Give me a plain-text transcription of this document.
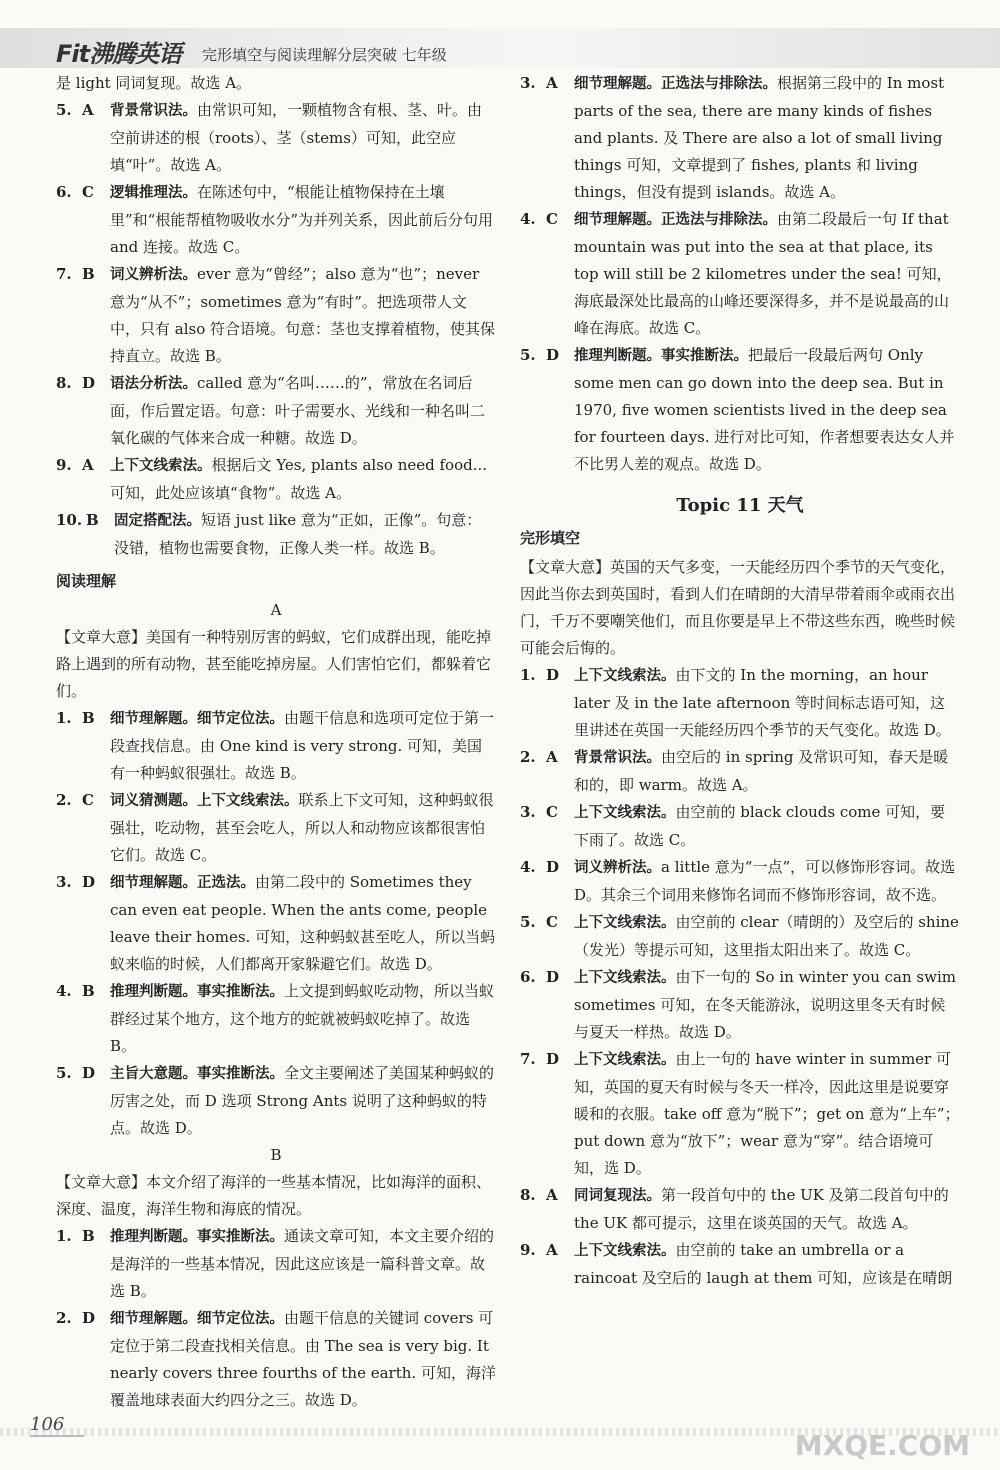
Fit沸腾英语 完形填空与阅读理解分层突破 七年级

是 light 同词复现。故选 A。

5. A	背景常识法。由常识可知，一颗植物含有根、茎、叶。由空前讲述的根（roots）、茎（stems）可知，此空应填“叶”。故选 A。
6. C	逻辑推理法。在陈述句中，“根能让植物保持在土壤里”和“根能帮植物吸收水分”为并列关系，因此前后分句用 and 连接。故选 C。
7. B	词义辨析法。ever 意为“曾经”；also 意为“也”；never 意为“从不”；sometimes 意为“有时”。把选项带人文中，只有 also 符合语境。句意：茎也支撑着植物，使其保持直立。故选 B。
8. D	语法分析法。called 意为“名叫……的”，常放在名词后面，作后置定语。句意：叶子需要水、光线和一种名叫二氧化碳的气体来合成一种糖。故选 D。
9. A	上下文线索法。根据后文 Yes, plants also need food... 可知，此处应该填“食物”。故选 A。
10. B	固定搭配法。短语 just like 意为“正如，正像”。句意：没错，植物也需要食物，正像人类一样。故选 B。
阅读理解

A

【文章大意】美国有一种特别厉害的蚂蚁，它们成群出现，能吃掉路上遇到的所有动物，甚至能吃掉房屋。人们害怕它们，都躲着它们。

1. B	细节理解题。细节定位法。由题干信息和选项可定位于第一段查找信息。由 One kind is very strong. 可知，美国有一种蚂蚁很强壮。故选 B。
2. C	词义猜测题。上下文线索法。联系上下文可知，这种蚂蚁很强壮，吃动物，甚至会吃人，所以人和动物应该都很害怕它们。故选 C。
3. D	细节理解题。正选法。由第二段中的 Sometimes they can even eat people. When the ants come, people leave their homes. 可知，这种蚂蚁甚至吃人，所以当蚂蚁来临的时候，人们都离开家躲避它们。故选 D。
4. B	推理判断题。事实推断法。上文提到蚂蚁吃动物，所以当蚁群经过某个地方，这个地方的蛇就被蚂蚁吃掉了。故选 B。
5. D	主旨大意题。事实推断法。全文主要阐述了美国某种蚂蚁的厉害之处，而 D 选项 Strong Ants 说明了这种蚂蚁的特点。故选 D。

B

【文章大意】本文介绍了海洋的一些基本情况，比如海洋的面积、深度、温度，海洋生物和海底的情况。

1. B	推理判断题。事实推断法。通读文章可知，本文主要介绍的是海洋的一些基本情况，因此这应该是一篇科普文章。故选 B。
2. D	细节理解题。细节定位法。由题干信息的关键词 covers 可定位于第二段查找相关信息。由 The sea is very big. It nearly covers three fourths of the earth. 可知，海洋覆盖地球表面大约四分之三。故选 D。
3. A	细节理解题。正选法与排除法。根据第三段中的 In most parts of the sea, there are many kinds of fishes and plants. 及 There are also a lot of small living things 可知，文章提到了 fishes, plants 和 living things，但没有提到 islands。故选 A。
4. C	细节理解题。正选法与排除法。由第二段最后一句 If that mountain was put into the sea at that place, its top will still be 2 kilometres under the sea! 可知，海底最深处比最高的山峰还要深得多，并不是说最高的山峰在海底。故选 C。
5. D	推理判断题。事实推断法。把最后一段最后两句 Only some men can go down into the deep sea. But in 1970, five women scientists lived in the deep sea for fourteen days. 进行对比可知，作者想要表达女人并不比男人差的观点。故选 D。
Topic 11 天气
完形填空

【文章大意】英国的天气多变，一天能经历四个季节的天气变化，因此当你去到英国时，看到人们在晴朗的大清早带着雨伞或雨衣出门，千万不要嘲笑他们，而且你要是早上不带这些东西，晚些时候可能会后悔的。

1. D	上下文线索法。由下文的 In the morning，an hour later 及 in the late afternoon 等时间标志语可知，这里讲述在英国一天能经历四个季节的天气变化。故选 D。
2. A	背景常识法。由空后的 in spring 及常识可知，春天是暖和的，即 warm。故选 A。
3. C	上下文线索法。由空前的 black clouds come 可知，要下雨了。故选 C。
4. D	词义辨析法。a little 意为“一点”，可以修饰形容词。故选 D。其余三个词用来修饰名词而不修饰形容词，故不选。
5. C	上下文线索法。由空前的 clear（晴朗的）及空后的 shine（发光）等提示可知，这里指太阳出来了。故选 C。
6. D	上下文线索法。由下一句的 So in winter you can swim sometimes 可知，在冬天能游泳，说明这里冬天有时候与夏天一样热。故选 D。
7. D	上下文线索法。由上一句的 have winter in summer 可知，英国的夏天有时候与冬天一样冷，因此这里是说要穿暖和的衣服。take off 意为“脱下”；get on 意为“上车”；put down 意为“放下”；wear 意为“穿”。结合语境可知，选 D。
8. A	同词复现法。第一段首句中的 the UK 及第二段首句中的 the UK 都可提示，这里在谈英国的天气。故选 A。
9. A	上下文线索法。由空前的 take an umbrella or a raincoat 及空后的 laugh at them 可知，应该是在晴朗
106
MXQE.COM
